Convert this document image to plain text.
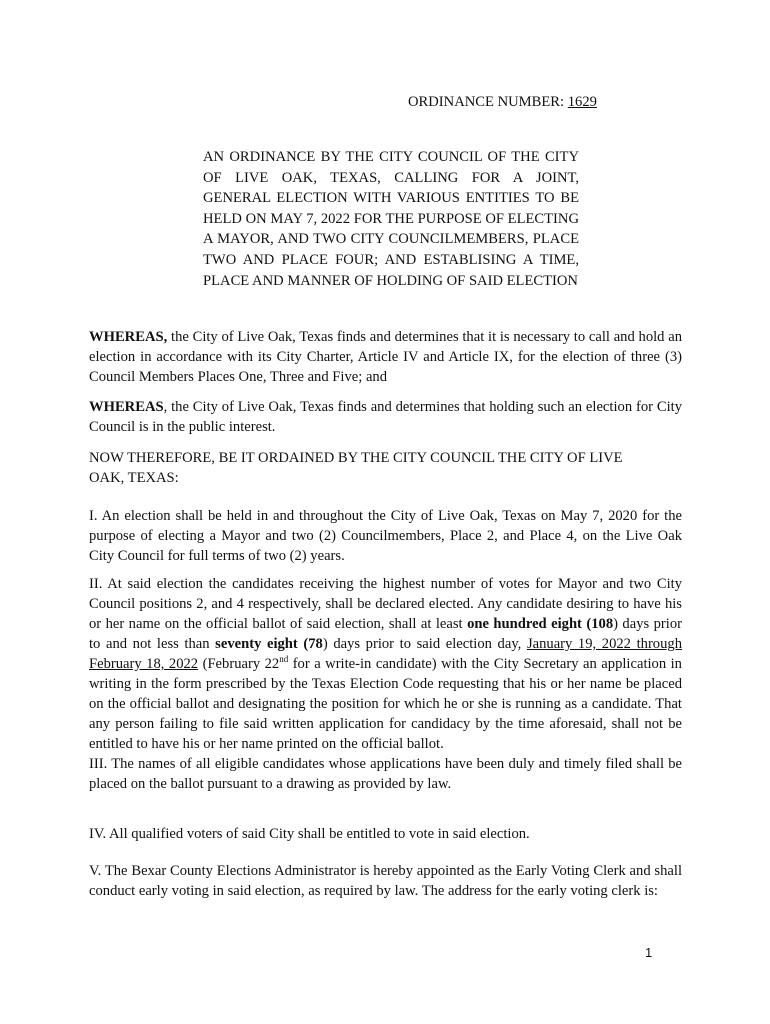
ORDINANCE NUMBER: 1629
AN ORDINANCE BY THE CITY COUNCIL OF THE CITY OF LIVE OAK, TEXAS, CALLING FOR A JOINT, GENERAL ELECTION WITH VARIOUS ENTITIES TO BE HELD ON MAY 7, 2022 FOR THE PURPOSE OF ELECTING A MAYOR, AND TWO CITY COUNCILMEMBERS, PLACE TWO AND PLACE FOUR; AND ESTABLISING A TIME, PLACE AND MANNER OF HOLDING OF SAID ELECTION
WHEREAS, the City of Live Oak, Texas finds and determines that it is necessary to call and hold an election in accordance with its City Charter, Article IV and Article IX, for the election of three (3) Council Members Places One, Three and Five; and
WHEREAS, the City of Live Oak, Texas finds and determines that holding such an election for City Council is in the public interest.
NOW THEREFORE, BE IT ORDAINED BY THE CITY COUNCIL THE CITY OF LIVE OAK, TEXAS:
I. An election shall be held in and throughout the City of Live Oak, Texas on May 7, 2020 for the purpose of electing a Mayor and two (2) Councilmembers, Place 2, and Place 4, on the Live Oak City Council for full terms of two (2) years.
II. At said election the candidates receiving the highest number of votes for Mayor and two City Council positions 2, and 4 respectively, shall be declared elected. Any candidate desiring to have his or her name on the official ballot of said election, shall at least one hundred eight (108) days prior to and not less than seventy eight (78) days prior to said election day, January 19, 2022 through February 18, 2022 (February 22nd for a write-in candidate) with the City Secretary an application in writing in the form prescribed by the Texas Election Code requesting that his or her name be placed on the official ballot and designating the position for which he or she is running as a candidate. That any person failing to file said written application for candidacy by the time aforesaid, shall not be entitled to have his or her name printed on the official ballot.
III. The names of all eligible candidates whose applications have been duly and timely filed shall be placed on the ballot pursuant to a drawing as provided by law.
IV. All qualified voters of said City shall be entitled to vote in said election.
V. The Bexar County Elections Administrator is hereby appointed as the Early Voting Clerk and shall conduct early voting in said election, as required by law. The address for the early voting clerk is:
1
